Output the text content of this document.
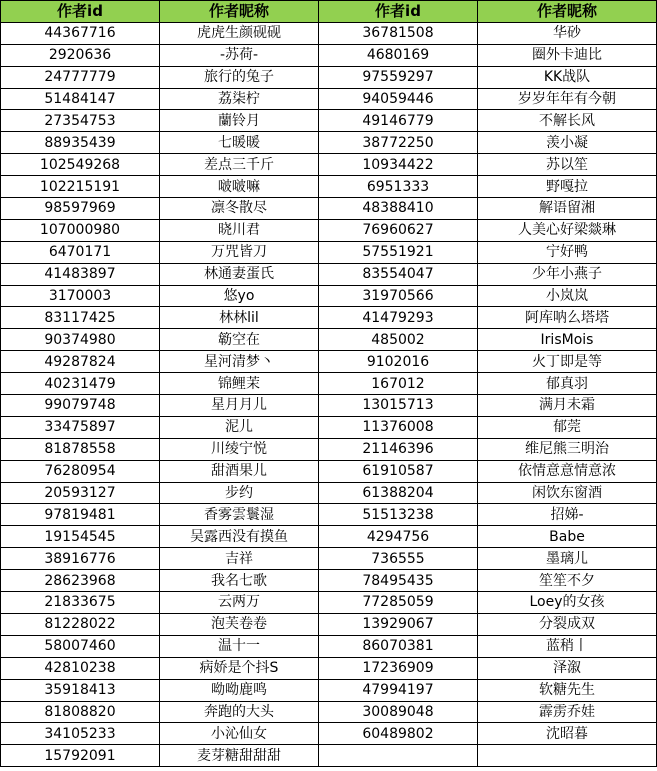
作者id	作者昵称	作者id	作者昵称
44367716	虎虎生颜砚砚	36781508	华砂
2920636	-苏荷-	4680169	圈外卡迪比
24777779	旅行的兔子	97559297	KK战队
51484147	荔柒柠	94059446	岁岁年年有今朝
27354753	蘭铃月	49146779	不解长风
88935439	七暖暖	38772250	羡小凝
102549268	差点三千斤	10934422	苏以笙
102215191	啵啵嘛	6951333	野嘎拉
98597969	凛冬散尽	48388410	解语留湘
107000980	晓川君	76960627	人美心好梁燚琳
6470171	万咒皆刀	57551921	宁好鸭
41483897	林通妻蛋氏	83554047	少年小燕子
3170003	悠yo	31970566	小岚岚
83117425	林林lil	41479293	阿库呐么塔塔
90374980	簕空在	485002	IrisMois
49287824	星河清梦丶	9102016	火丁即是等
40231479	锦鲤茉	167012	郁真羽
99079748	星月月儿	13015713	满月未霜
33475897	泥儿	11376008	郁莞
81878558	川绫宁悦	21146396	维尼熊三明治
76280954	甜酒果儿	61910587	依情意意情意浓
20593127	步约	61388204	闲饮东窗酒
97819481	香雾雲鬟湿	51513238	招娣-
19154545	吴露西没有摸鱼	4294756	Babe
38916776	吉祥	736555	墨璃儿
28623968	我名七歌	78495435	笙笙不夕
21833675	云两万	77285059	Loey的女孩
81228022	泡芙卷卷	13929067	分裂成双
58007460	温十一	86070381	蓝稍丨
42810238	病娇是个抖S	17236909	泽溆
35918413	呦呦鹿鸣	47994197	软糖先生
81808820	奔跑的大头	30089048	霹雳乔娃
34105233	小沁仙女	60489802	沈昭暮
15792091	麦芽糖甜甜甜		
